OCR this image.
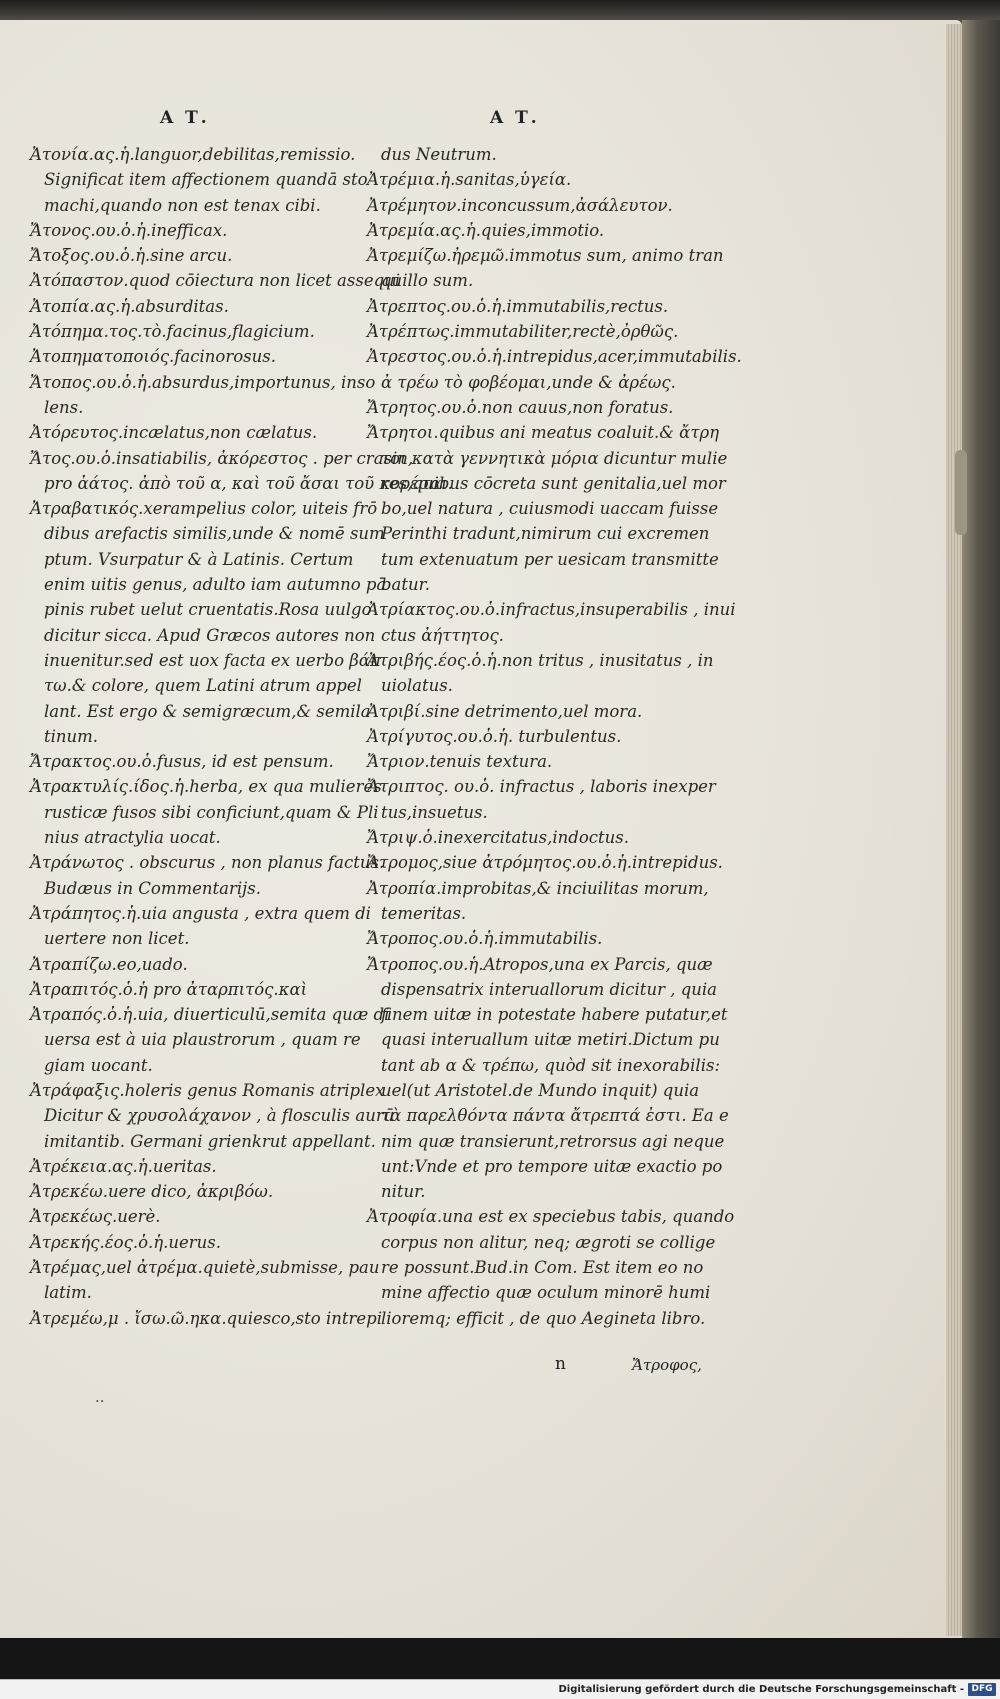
Α Τ.	Α Τ.
Ἀτονία.ας.ἡ.languor,debilitas,remissio.
Significat item affectionem quandā sto
machi,quando non est tenax cibi.
Ἄτονος.ου.ὁ.ἡ.inefficax.
Ἄτοξος.ου.ὁ.ἡ.sine arcu.
Ἀτόπαστον.quod cōiectura non licet assequi
Ἀτοπία.ας.ἡ.absurditas.
Ἀτόπημα.τος.τὸ.facinus,flagicium.
Ἀτοπηματοποιός.facinorosus.
Ἄτοπος.ου.ὁ.ἡ.absurdus,importunus, inso
lens.
Ἀτόρευτος.incælatus,non cælatus.
Ἄτος.ου.ὁ.insatiabilis, ἀκόρεστος . per crasin,
pro ἀάτος. ἀπὸ τοῦ α, καὶ τοῦ ἄσαι τοῦ κορέσαι.
Ἀτραβατικός.xerampelius color, uiteis frō
dibus arefactis similis,unde & nomē sum
ptum. Vsurpatur & à Latinis. Certum
enim uitis genus, adulto iam autumno pā
pinis rubet uelut cruentatis.Rosa uulgo
dicitur sicca. Apud Græcos autores non
inuenitur.sed est uox facta ex uerbo βάπ
τω.& colore, quem Latini atrum appel
lant. Est ergo & semigræcum,& semila
tinum.
Ἄτρακτος.ου.ὁ.fusus, id est pensum.
Ἀτρακτυλίς.ίδος.ἡ.herba, ex qua mulieres
rusticæ fusos sibi conficiunt,quam & Pli
nius atractylia uocat.
Ἀτράνωτος . obscurus , non planus factus.
Budæus in Commentarijs.
Ἀτράπητος.ἡ.uia angusta , extra quem di
uertere non licet.
Ἀτραπίζω.eo,uado.
Ἀτραπιτός.ὁ.ἡ pro ἀταρπιτός.καὶ
Ἀτραπός.ὁ.ἡ.uia, diuerticulū,semita quæ di
uersa est à uia plaustrorum , quam re
giam uocant.
Ἀτράφαξις.holeris genus Romanis atriplex
Dicitur & χρυσολάχανον , à flosculis aurū
imitantib. Germani grienkrut appellant.
Ἀτρέκεια.ας.ἡ.ueritas.
Ἀτρεκέω.uere dico, ἀκριβόω.
Ἀτρεκέως.uerè.
Ἀτρεκής.έος.ὁ.ἡ.uerus.
Ἀτρέμας,uel ἀτρέμα.quietè,submisse, pau
latim.
Ἀτρεμέω,μ . ἴσω.ῶ.ηκα.quiesco,sto intrepi
dus Neutrum.
Ἀτρέμια.ἡ.sanitas,ὑγεία.
Ἀτρέμητον.inconcussum,ἀσάλευτον.
Ἀτρεμία.ας.ἡ.quies,immotio.
Ἀτρεμίζω.ἠρεμῶ.immotus sum, animo tran
quillo sum.
Ἀτρεπτος.ου.ὁ.ἡ.immutabilis,rectus.
Ἀτρέπτως.immutabiliter,rectè,ὀρθῶς.
Ἀτρεστος.ου.ὁ.ἡ.intrepidus,acer,immutabilis.
ἀ τρέω τὸ φοβέομαι,unde & ἀρέως.
Ἄτρητος.ου.ὁ.non cauus,non foratus.
Ἄτρητοι.quibus ani meatus coaluit.& ἄτρη
τοι κατὰ γεννητικὰ μόρια dicuntur mulie
res,quibus cōcreta sunt genitalia,uel mor
bo,uel natura , cuiusmodi uaccam fuisse
Perinthi tradunt,nimirum cui excremen
tum extenuatum per uesicam transmitte
batur.
Ἀτρίακτος.ου.ὁ.infractus,insuperabilis , inui
ctus ἀήττητος.
Ἀτριβής.έος.ὁ.ἡ.non tritus , inusitatus , in
uiolatus.
Ἀτριβί.sine detrimento,uel mora.
Ἀτρίγυτος.ου.ὁ.ἡ. turbulentus.
Ἄτριον.tenuis textura.
Ἄτριπτος. ου.ὁ. infractus , laboris inexper
tus,insuetus.
Ἄτριψ.ὁ.inexercitatus,indoctus.
Ἄτρομος,siue ἀτρόμητος.ου.ὁ.ἡ.intrepidus.
Ἀτροπία.improbitas,& inciuilitas morum,
temeritas.
Ἄτροπος.ου.ὁ.ἡ.immutabilis.
Ἄτροπος.ου.ἡ.Atropos,una ex Parcis, quæ
dispensatrix interuallorum dicitur , quia
finem uitæ in potestate habere putatur,et
quasi interuallum uitæ metiri.Dictum pu
tant ab α & τρέπω, quòd sit inexorabilis:
uel(ut Aristotel.de Mundo inquit) quia
τὰ παρελθόντα πάντα ἄτρεπτά ἐστι. Ea e
nim quæ transierunt,retrorsus agi neque
unt:Vnde et pro tempore uitæ exactio po
nitur.
Ἀτροφία.una est ex speciebus tabis, quando
corpus non alitur, neq; ægroti se collige
re possunt.Bud.in Com. Est item eo no
mine affectio quæ oculum minorē humi
lioremq; efficit , de quo Aegineta libro.
··
n	Ἄτροφος,
Digitalisierung gefördert durch die Deutsche Forschungsgemeinschaft - DFG
